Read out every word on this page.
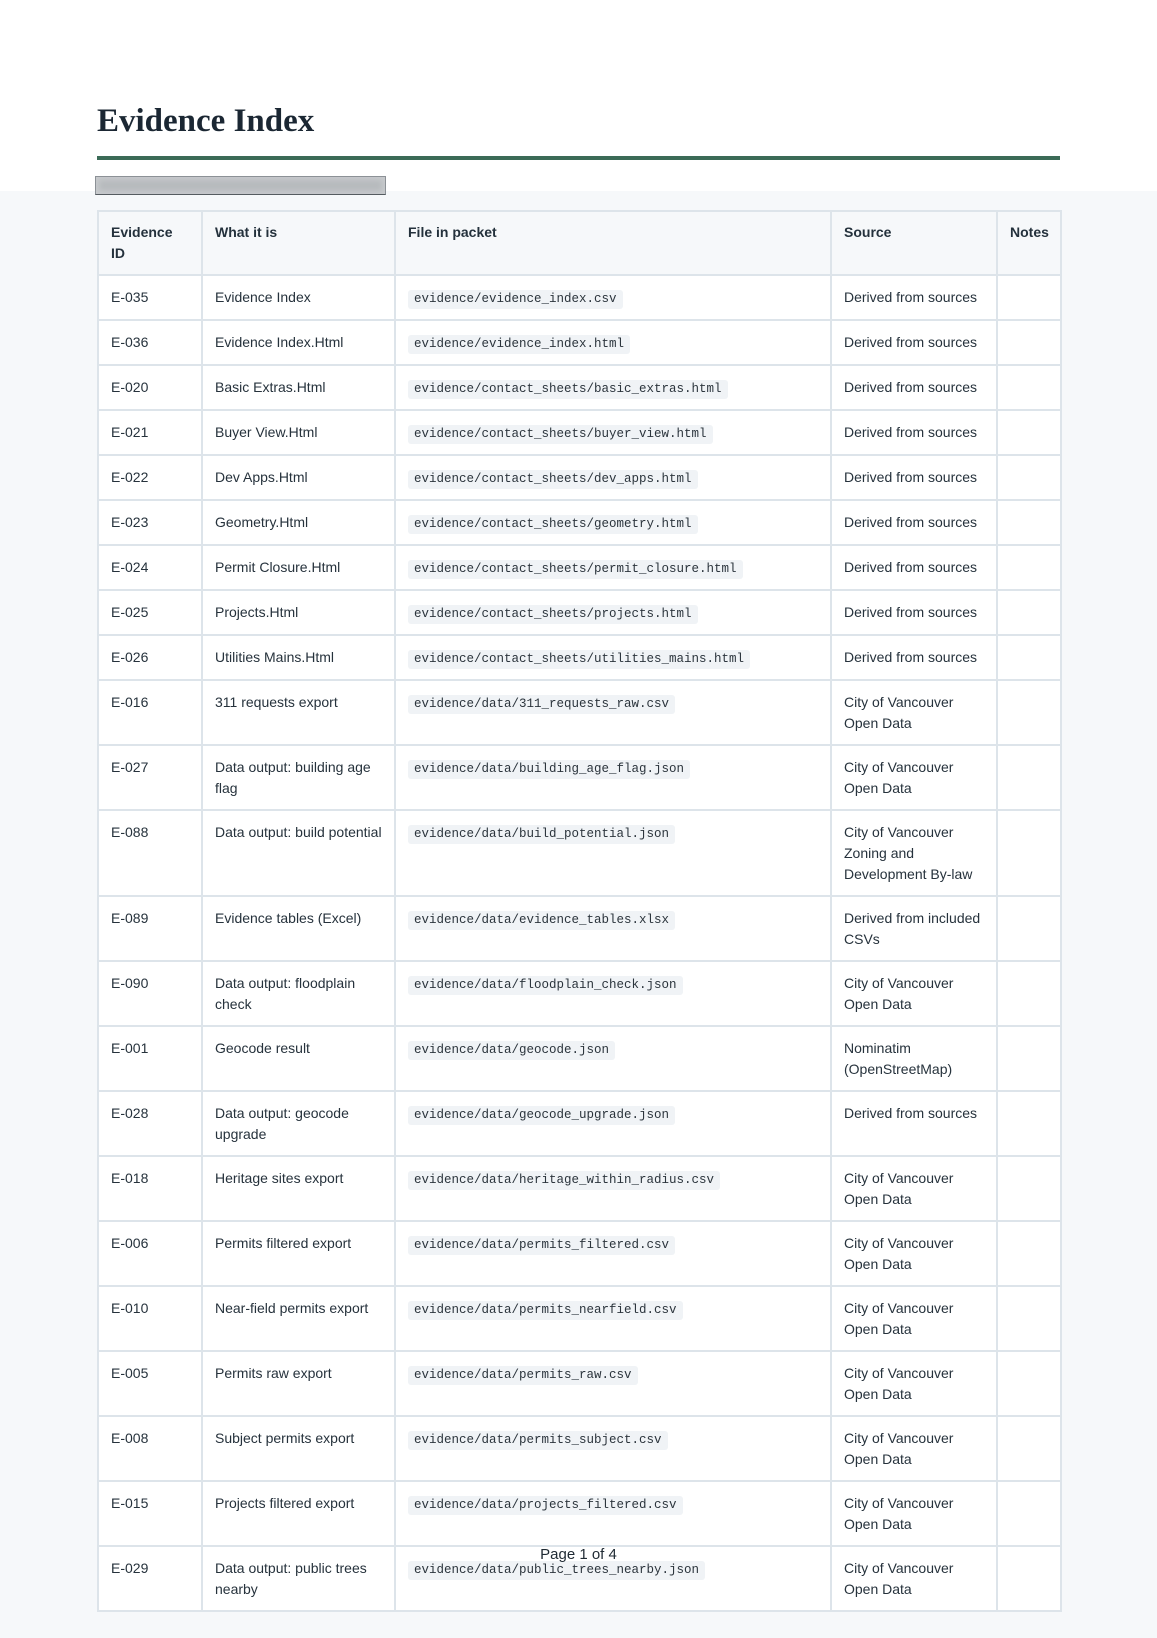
Evidence Index
Evidence ID	What it is	File in packet	Source	Notes
E-035	Evidence Index	evidence/evidence_index.csv	Derived from sources	
E-036	Evidence Index.Html	evidence/evidence_index.html	Derived from sources	
E-020	Basic Extras.Html	evidence/contact_sheets/basic_extras.html	Derived from sources	
E-021	Buyer View.Html	evidence/contact_sheets/buyer_view.html	Derived from sources	
E-022	Dev Apps.Html	evidence/contact_sheets/dev_apps.html	Derived from sources	
E-023	Geometry.Html	evidence/contact_sheets/geometry.html	Derived from sources	
E-024	Permit Closure.Html	evidence/contact_sheets/permit_closure.html	Derived from sources	
E-025	Projects.Html	evidence/contact_sheets/projects.html	Derived from sources	
E-026	Utilities Mains.Html	evidence/contact_sheets/utilities_mains.html	Derived from sources	
E-016	311 requests export	evidence/data/311_requests_raw.csv	City of Vancouver Open Data	
E-027	Data output: building age flag	evidence/data/building_age_flag.json	City of Vancouver Open Data	
E-088	Data output: build potential	evidence/data/build_potential.json	City of Vancouver Zoning and Development By-law	
E-089	Evidence tables (Excel)	evidence/data/evidence_tables.xlsx	Derived from included CSVs	
E-090	Data output: floodplain check	evidence/data/floodplain_check.json	City of Vancouver Open Data	
E-001	Geocode result	evidence/data/geocode.json	Nominatim (OpenStreetMap)	
E-028	Data output: geocode upgrade	evidence/data/geocode_upgrade.json	Derived from sources	
E-018	Heritage sites export	evidence/data/heritage_within_radius.csv	City of Vancouver Open Data	
E-006	Permits filtered export	evidence/data/permits_filtered.csv	City of Vancouver Open Data	
E-010	Near-field permits export	evidence/data/permits_nearfield.csv	City of Vancouver Open Data	
E-005	Permits raw export	evidence/data/permits_raw.csv	City of Vancouver Open Data	
E-008	Subject permits export	evidence/data/permits_subject.csv	City of Vancouver Open Data	
E-015	Projects filtered export	evidence/data/projects_filtered.csv	City of Vancouver Open Data	
E-029	Data output: public trees nearby	evidence/data/public_trees_nearby.json	City of Vancouver Open Data	
Page 1 of 4
